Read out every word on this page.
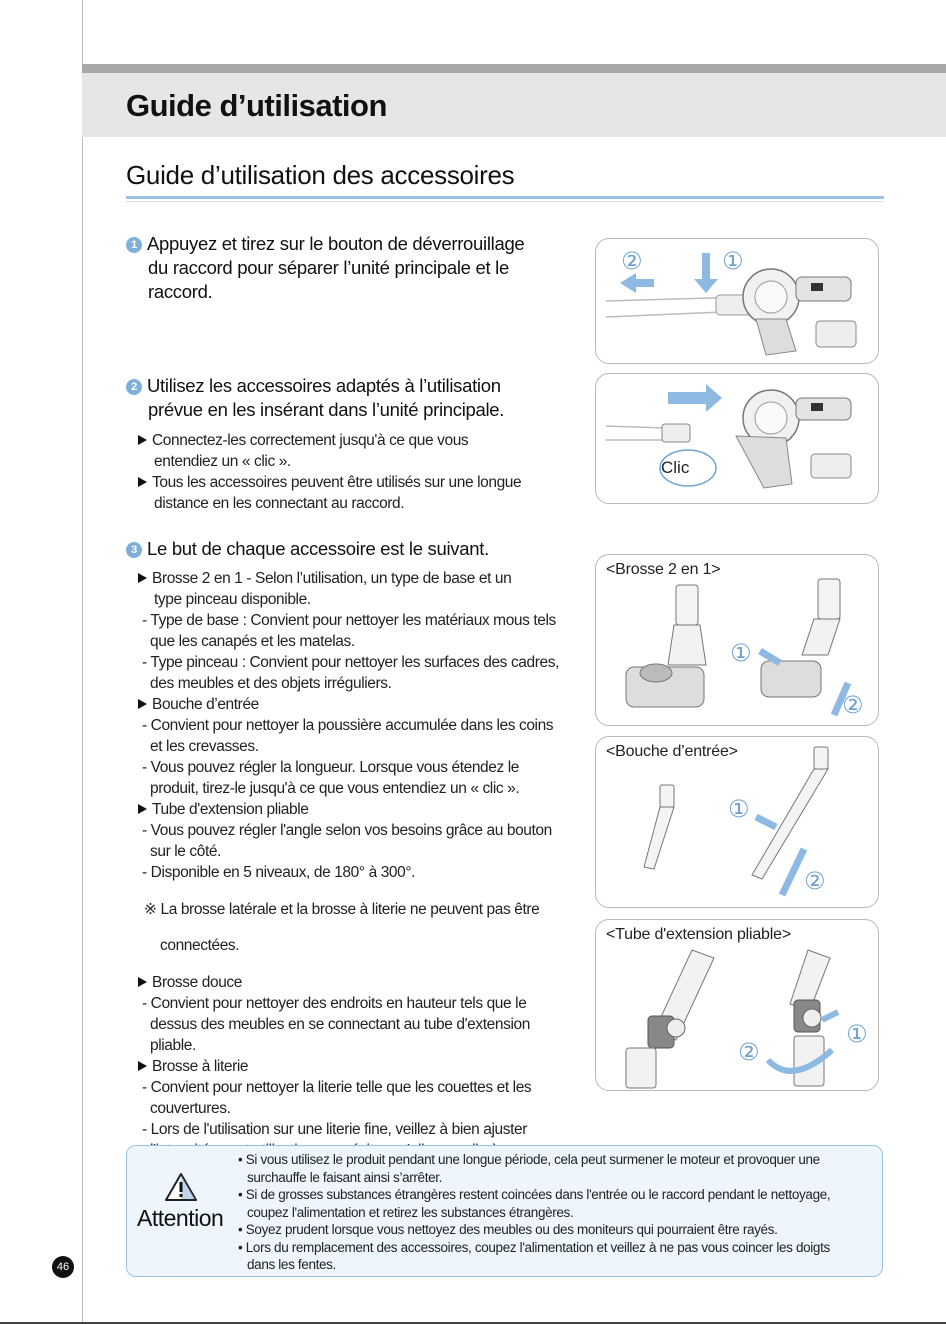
Guide d’utilisation
Guide d’utilisation des accessoires
1 Appuyez et tirez sur le bouton de déverrouillage
du raccord pour séparer l’unité principale et le
raccord.
2 Utilisez les accessoires adaptés à l’utilisation
prévue en les insérant dans l’unité principale.

Connectez-les correctement jusqu'à ce que vous

entendiez un « clic ».

Tous les accessoires peuvent être utilisés sur une longue

distance en les connectant au raccord.

3 Le but de chaque accessoire est le suivant.

Brosse 2 en 1 - Selon l’utilisation, un type de base et un

type pinceau disponible.

- Type de base : Convient pour nettoyer les matériaux mous tels

que les canapés et les matelas.

- Type pinceau : Convient pour nettoyer les surfaces des cadres,

des meubles et des objets irréguliers.

Bouche d’entrée

- Convient pour nettoyer la poussière accumulée dans les coins

et les crevasses.

- Vous pouvez régler la longueur. Lorsque vous étendez le

produit, tirez-le jusqu'à ce que vous entendiez un « clic ».

Tube d'extension pliable

- Vous pouvez régler l'angle selon vos besoins grâce au bouton

sur le côté.

- Disponible en 5 niveaux, de 180° à 300°.

※ La brosse latérale et la brosse à literie ne peuvent pas être

connectées.

Brosse douce

- Convient pour nettoyer des endroits en hauteur tels que le

dessus des meubles en se connectant au tube d'extension

pliable.

Brosse à literie

- Convient pour nettoyer la literie telle que les couettes et les

couvertures.

- Lors de l'utilisation sur une literie fine, veillez à bien ajuster

②	①
Clic
<Brosse 2 en 1>
①
②
<Bouche d’entrée>
①
②
<Tube d'extension pliable>
①
②
Attention

• Si vous utilisez le produit pendant une longue période, cela peut surmener le moteur et provoquer une

surchauffe le faisant ainsi s’arrêter.

• Si de grosses substances étrangères restent coincées dans l'entrée ou le raccord pendant le nettoyage,

coupez l'alimentation et retirez les substances étrangères.

• Soyez prudent lorsque vous nettoyez des meubles ou des moniteurs qui pourraient être rayés.

• Lors du remplacement des accessoires, coupez l'alimentation et veillez à ne pas vous coincer les doigts

dans les fentes.

46
